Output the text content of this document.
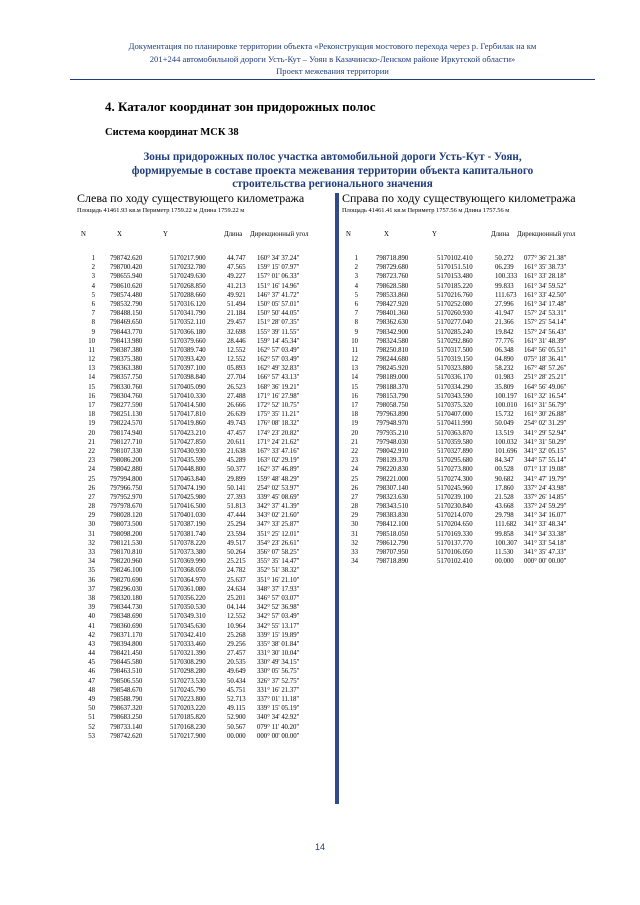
Документация по планировке территории объекта «Реконструкция мостового перехода через р. Гербилак на км
201+244 автомобильной дороги Усть-Кут – Уоян в Казачинско-Ленском районе Иркутской области»
Проект межевания территории
4. Каталог координат зон придорожных полос
Система координат МСК 38
Зоны придорожных полос участка автомобильной дороги Усть-Кут - Уоян,
формируемые в составе проекта межевания территории объекта капитального
строительства регионального значения
Слева по ходу существующего километража
Площадь 41461.93 кв.м Периметр 1759.22 м Длина 1759.22 м
N	X	Y	Длина Дирекционный угол
1 798742.620	5170217.900	44.747 160° 34' 37.24"
2 798700.420	5170232.780	47.565 159° 15' 07.97"
3 798655.940	5170249.630	49.227 157° 01' 06.33"
4 798610.620	5170268.850	41.213 151° 16' 14.96"
5 798574.480	5170288.660	49.921 146° 37' 41.72"
6 798532.790	5170316.120	51.494 150° 05' 57.01"
7 798488.150	5170341.790	21.184 150° 50' 44.05"
8 798469.650	5170352.110	29.457 151° 28' 07.35"
9 798443.770	5170366.180	32.698 155° 39' 11.55"
10 798413.980	5170379.660	28.446 159° 14' 45.34"
11 798387.380	5170389.740	12.552 162° 57' 03.49"
12 798375.380	5170393.420	12.552 162° 57' 03.49"
13 798363.380	5170397.100	05.893 162° 49' 32.83"
14 798357.750	5170398.840	27.704 166° 57' 43.13"
15 798330.760	5170405.090	26.523 168° 36' 19.21"
16 798304.760	5170410.330	27.488 171° 16' 27.98"
17 798277.590	5170414.500	26.666 172° 52' 10.75"
18 798251.130	5170417.810	26.639 175° 35' 11.21"
19 798224.570	5170419.860	49.743 176° 08' 18.32"
20 798174.940	5170423.210	47.457 174° 23' 20.82"
21 798127.710	5170427.850	20.611 171° 24' 21.62"
22 798107.330	5170430.930	21.638 167° 33' 47.16"
23 798086.200	5170435.590	45.289 163° 02' 29.19"
24 798042.880	5170448.800	50.377 162° 37' 46.89"
25 797994.800	5170463.840	29.899 159° 48' 48.29"
26 797966.750	5170474.190	50.141 254° 02' 53.97"
27 797952.970	5170425.980	27.393 339° 45' 08.69"
28 797978.670	5170416.500	51.813 342° 37' 41.39"
29 798028.120	5170401.030	47.444 343° 02' 21.60"
30 798073.500	5170387.190	25.294 347° 33' 25.87"
31 798098.200	5170381.740	23.594 351° 25' 12.01"
32 798121.530	5170378.220	49.517 354° 23' 26.61"
33 798170.810	5170373.380	50.264 356° 07' 58.25"
34 798220.960	5170369.990	25.215 355° 35' 14.47"
35 798246.100	5170368.050	24.782 352° 51' 38.32"
36 798270.690	5170364.970	25.637 351° 16' 21.10"
37 798296.030	5170361.080	24.634 348° 37' 17.93"
38 798320.180	5170356.220	25.201 346° 57' 03.07"
39 798344.730	5170350.530	04.144 342° 52' 36.98"
40 798348.690	5170349.310	12.552 342° 57' 03.49"
41 798360.690	5170345.630	10.964 342° 55' 13.17"
42 798371.170	5170342.410	25.268 339° 15' 19.89"
43 798394.800	5170333.460	29.256 335° 38' 01.84"
44 798421.450	5170321.390	27.457 331° 30' 10.04"
45 798445.580	5170308.290	20.535 330° 49' 34.15"
46 798463.510	5170298.280	49.649 330° 05' 56.75"
47 798506.550	5170273.530	50.434 326° 37' 52.75"
48 798548.670	5170245.790	45.751 331° 16' 21.37"
49 798588.790	5170223.800	52.713 337° 01' 11.18"
50 798637.320	5170203.220	49.115 339° 15' 05.19"
51 798683.250	5170185.820	52.900 340° 34' 42.92"
52 798733.140	5170168.230	50.567 079° 11' 40.20"
53 798742.620	5170217.900	00.000 000° 00' 00.00"
Справа по ходу существующего километража
Площадь 41461.41 кв.м Периметр 1757.56 м Длина 1757.56 м
N	X	Y	Длина Дирекционный угол
1	798718.890	5170102.410	50.272 077° 36' 21.38"
2	798729.680	5170151.510	06.239 161° 35' 38.73"
3	798723.760	5170153.480	100.333 161° 33' 28.18"
4	798628.580	5170185.220	99.833 161° 34' 59.52"
5	798533.860	5170216.760	111.673 161° 33' 42.50"
6	798427.920	5170252.080	27.996 161° 34' 17.48"
7	798401.360	5170260.930	41.947 157° 24' 53.31"
8	798362.630	5170277.040	21.366 157° 25' 54.14"
9	798342.900	5170285.240	19.842 157° 24' 56.43"
10	798324.580	5170292.860	77.776 161° 31' 48.39"
11	798250.810	5170317.500	06.348 164° 56' 05.51"
12	798244.680	5170319.150	04.890 075° 18' 36.41"
13	798245.920	5170323.880	58.232 167° 48' 57.26"
14	798189.000	5170336.170	01.983 251° 28' 25.21"
15	798188.370	5170334.290	35.809 164° 56' 49.06"
16	798153.790	5170343.590	100.197 161° 32' 16.54"
17	798058.750	5170375.320	100.010 161° 31' 56.79"
18	797963.890	5170407.000	15.732 161° 30' 26.88"
19	797948.970	5170411.990	50.049 254° 02' 31.29"
20	797935.210	5170363.870	13.519 341° 29' 52.94"
21	797948.030	5170359.580	100.032 341° 31' 50.29"
22	798042.910	5170327.890	101.696 341° 32' 05.15"
23	798139.370	5170295.680	84.347 344° 57' 55.14"
24	798220.830	5170273.800	00.528 071° 13' 19.08"
25	798221.000	5170274.300	90.682 341° 47' 19.79"
26	798307.140	5170245.960	17.860 337° 24' 43.98"
27	798323.630	5170239.100	21.528 337° 26' 14.85"
28	798343.510	5170230.840	43.668 337° 24' 59.29"
29	798383.830	5170214.070	29.798 341° 34' 16.07"
30	798412.100	5170204.650	111.682 341° 33' 48.34"
31	798518.050	5170169.330	99.858 341° 34' 33.38"
32	798612.790	5170137.770	100.307 341° 33' 54.18"
33	798707.950	5170106.050	11.530 341° 35' 47.33"
34	798718.890	5170102.410	00.000 000° 00' 00.00"
14
